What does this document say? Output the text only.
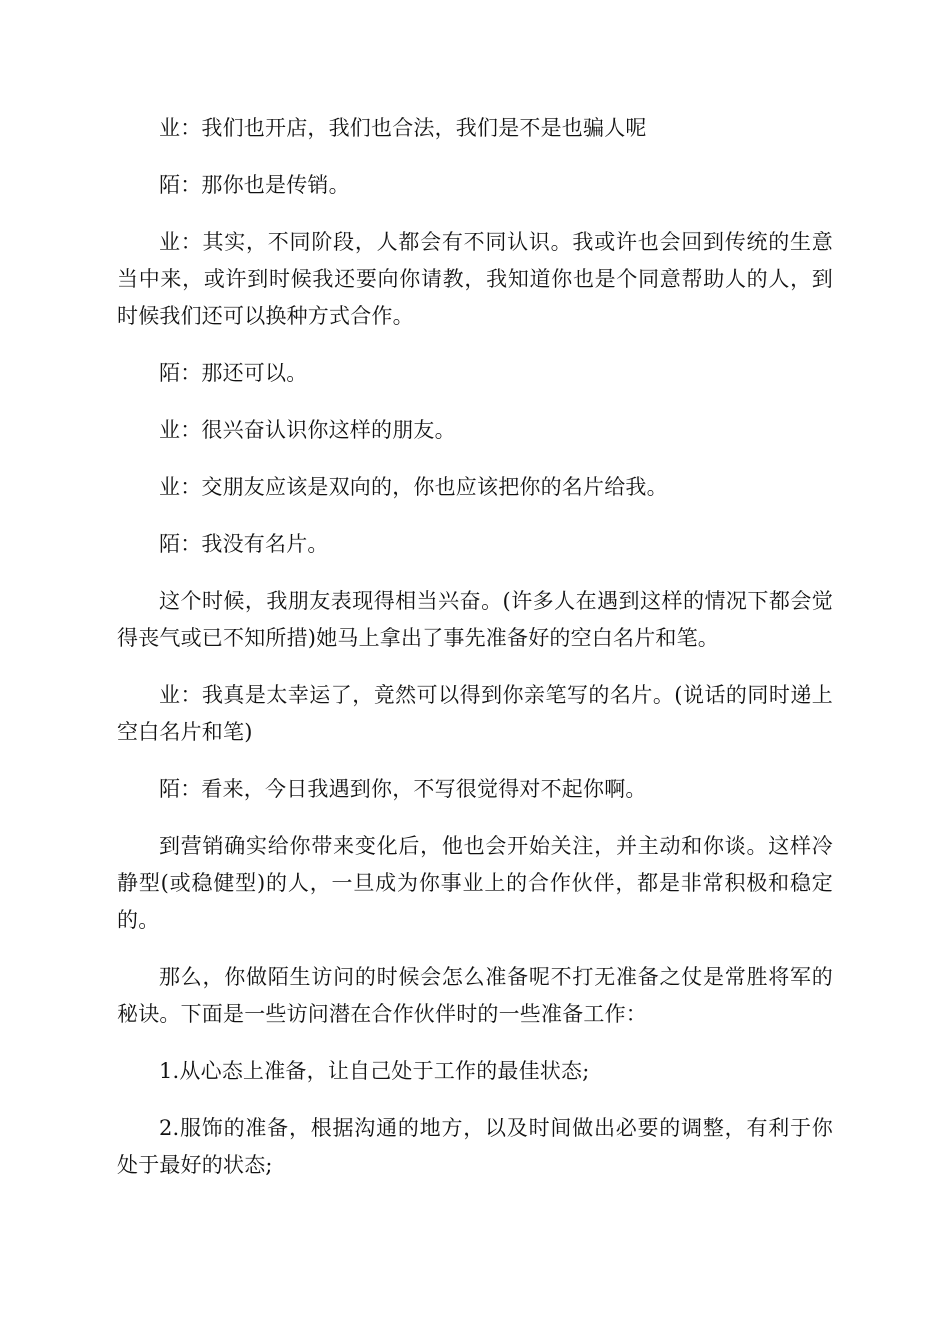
业：我们也开店，我们也合法，我们是不是也骗人呢

陌：那你也是传销。

业：其实，不同阶段，人都会有不同认识。我或许也会回到传统的生意当中来，或许到时候我还要向你请教，我知道你也是个同意帮助人的人，到时候我们还可以换种方式合作。

陌：那还可以。

业：很兴奋认识你这样的朋友。

业：交朋友应该是双向的，你也应该把你的名片给我。

陌：我没有名片。

这个时候，我朋友表现得相当兴奋。(许多人在遇到这样的情况下都会觉得丧气或已不知所措)她马上拿出了事先准备好的空白名片和笔。

业：我真是太幸运了，竟然可以得到你亲笔写的名片。(说话的同时递上空白名片和笔)

陌：看来，今日我遇到你，不写很觉得对不起你啊。

到营销确实给你带来变化后，他也会开始关注，并主动和你谈。这样冷静型(或稳健型)的人，一旦成为你事业上的合作伙伴，都是非常积极和稳定的。

那么，你做陌生访问的时候会怎么准备呢不打无准备之仗是常胜将军的秘诀。下面是一些访问潜在合作伙伴时的一些准备工作：

1.从心态上准备，让自己处于工作的最佳状态;

2.服饰的准备，根据沟通的地方，以及时间做出必要的调整，有利于你处于最好的状态;
